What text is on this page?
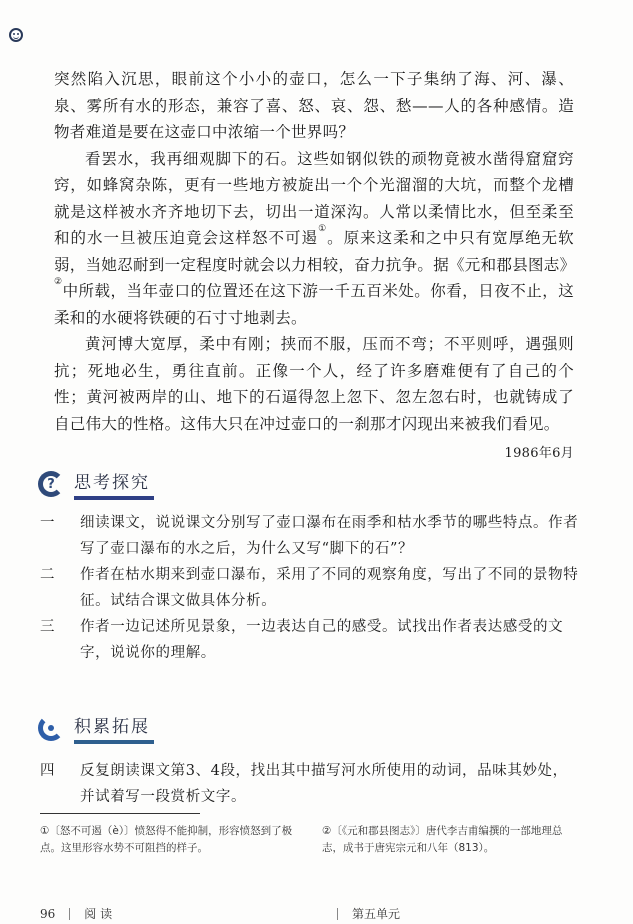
突然陷入沉思，眼前这个小小的壶口，怎么一下子集纳了海、河、瀑、泉、雾所有水的形态，兼容了喜、怒、哀、怨、愁——人的各种感情。造物者难道是要在这壶口中浓缩一个世界吗？

看罢水，我再细观脚下的石。这些如钢似铁的顽物竟被水凿得窟窟窍窍，如蜂窝杂陈，更有一些地方被旋出一个个光溜溜的大坑，而整个龙槽就是这样被水齐齐地切下去，切出一道深沟。人常以柔情比水，但至柔至和的水一旦被压迫竟会这样怒不可遏①。原来这柔和之中只有宽厚绝无软弱，当她忍耐到一定程度时就会以力相较，奋力抗争。据《元和郡县图志》②中所载，当年壶口的位置还在这下游一千五百米处。你看，日夜不止，这柔和的水硬将铁硬的石寸寸地剥去。

黄河博大宽厚，柔中有刚；挟而不服，压而不弯；不平则呼，遇强则抗；死地必生，勇往直前。正像一个人，经了许多磨难便有了自己的个性；黄河被两岸的山、地下的石逼得忽上忽下、忽左忽右时，也就铸成了自己伟大的性格。这伟大只在冲过壶口的一刹那才闪现出来被我们看见。

1986年6月
?	思考探究
一	细读课文，说说课文分别写了壶口瀑布在雨季和枯水季节的哪些特点。作者写了壶口瀑布的水之后，为什么又写“脚下的石”？
二	作者在枯水期来到壶口瀑布，采用了不同的观察角度，写出了不同的景物特征。试结合课文做具体分析。
三	作者一边记述所见景象，一边表达自己的感受。试找出作者表达感受的文字，说说你的理解。
积累拓展
四	反复朗读课文第3、4段，找出其中描写河水所使用的动词，品味其妙处，并试着写一段赏析文字。
①〔怒不可遏（è）〕愤怒得不能抑制，形容愤怒到了极点。这里形容水势不可阻挡的样子。
②〔《元和郡县图志》〕唐代李吉甫编撰的一部地理总志，成书于唐宪宗元和八年（813）。
96 阅 读	第五单元
